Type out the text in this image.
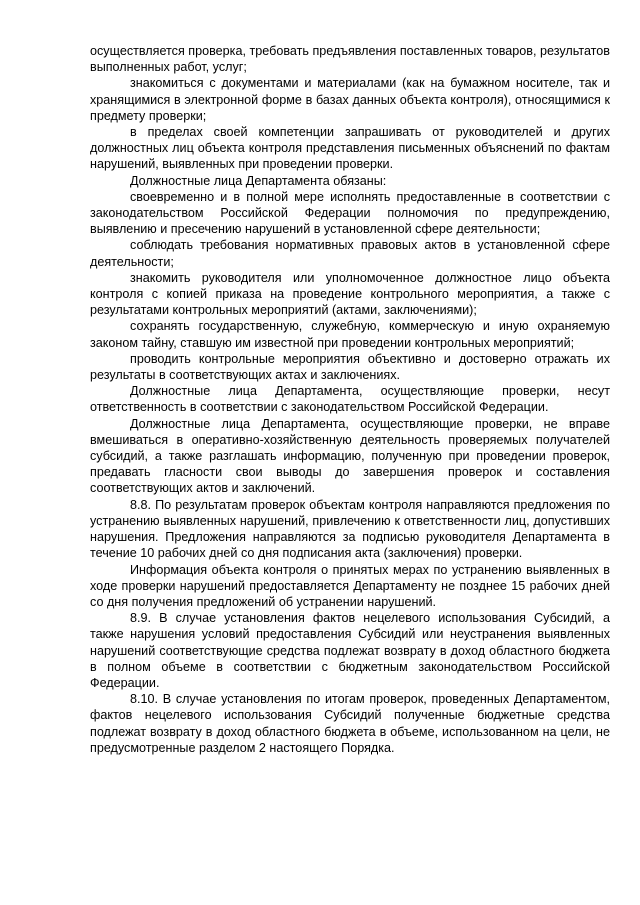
осуществляется проверка, требовать предъявления поставленных товаров, результатов выполненных работ, услуг;

знакомиться с документами и материалами (как на бумажном носителе, так и хранящимися в электронной форме в базах данных объекта контроля), относящимися к предмету проверки;

в пределах своей компетенции запрашивать от руководителей и других должностных лиц объекта контроля представления письменных объяснений по фактам нарушений, выявленных при проведении проверки.

Должностные лица Департамента обязаны:

своевременно и в полной мере исполнять предоставленные в соответствии с законодательством Российской Федерации полномочия по предупреждению, выявлению и пресечению нарушений в установленной сфере деятельности;

соблюдать требования нормативных правовых актов в установленной сфере деятельности;

знакомить руководителя или уполномоченное должностное лицо объекта контроля с копией приказа на проведение контрольного мероприятия, а также с результатами контрольных мероприятий (актами, заключениями);

сохранять государственную, служебную, коммерческую и иную охраняемую законом тайну, ставшую им известной при проведении контрольных мероприятий;

проводить контрольные мероприятия объективно и достоверно отражать их результаты в соответствующих актах и заключениях.

Должностные лица Департамента, осуществляющие проверки, несут ответственность в соответствии с законодательством Российской Федерации.

Должностные лица Департамента, осуществляющие проверки, не вправе вмешиваться в оперативно-хозяйственную деятельность проверяемых получателей субсидий, а также разглашать информацию, полученную при проведении проверок, предавать гласности свои выводы до завершения проверок и составления соответствующих актов и заключений.

8.8. По результатам проверок объектам контроля направляются предложения по устранению выявленных нарушений, привлечению к ответственности лиц, допустивших нарушения. Предложения направляются за подписью руководителя Департамента в течение 10 рабочих дней со дня подписания акта (заключения) проверки.

Информация объекта контроля о принятых мерах по устранению выявленных в ходе проверки нарушений предоставляется Департаменту не позднее 15 рабочих дней со дня получения предложений об устранении нарушений.

8.9. В случае установления фактов нецелевого использования Субсидий, а также нарушения условий предоставления Субсидий или неустранения выявленных нарушений соответствующие средства подлежат возврату в доход областного бюджета в полном объеме в соответствии с бюджетным законодательством Российской Федерации.

8.10. В случае установления по итогам проверок, проведенных Департаментом, фактов нецелевого использования Субсидий полученные бюджетные средства подлежат возврату в доход областного бюджета в объеме, использованном на цели, не предусмотренные разделом 2 настоящего Порядка.
